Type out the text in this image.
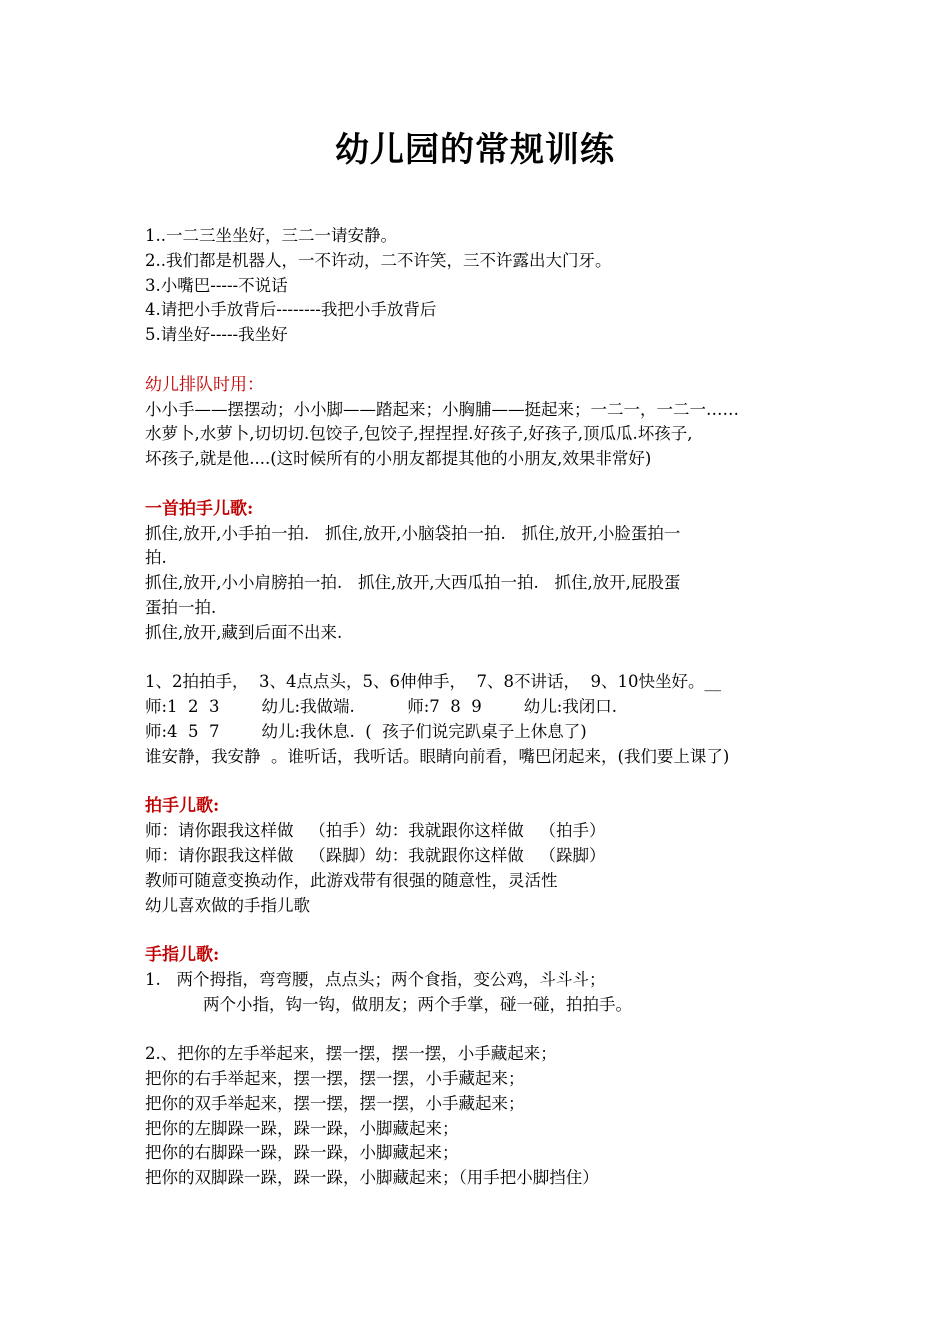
幼儿园的常规训练
1..一二三坐坐好，三二一请安静。
2..我们都是机器人，一不许动，二不许笑，三不许露出大门牙。
3.小嘴巴-----不说话
4.请把小手放背后--------我把小手放背后
5.请坐好-----我坐好
幼儿排队时用：
小小手——摆摆动；小小脚——踏起来；小胸脯——挺起来；一二一，一二一……
水萝卜,水萝卜,切切切.包饺子,包饺子,捏捏捏.好孩子,好孩子,顶瓜瓜.坏孩子,
坏孩子,就是他....(这时候所有的小朋友都提其他的小朋友,效果非常好)
一首拍手儿歌:
抓住,放开,小手拍一拍.   抓住,放开,小脑袋拍一拍.   抓住,放开,小脸蛋拍一
拍.
抓住,放开,小小肩膀拍一拍.   抓住,放开,大西瓜拍一拍.   抓住,放开,屁股蛋
蛋拍一拍.
抓住,放开,藏到后面不出来.
1、2拍拍手，  3、4点点头，5、6伸伸手，  7、8不讲话，  9、10快坐好。__
师:1  2  3        幼儿:我做端.          师:7  8  9        幼儿:我闭口.
师:4  5  7        幼儿:我休息.  (  孩子们说完趴桌子上休息了)
谁安静，我安静  。谁听话，我听话。眼睛向前看，嘴巴闭起来，(我们要上课了)
拍手儿歌:
师：请你跟我这样做   （拍手）幼：我就跟你这样做   （拍手）
师：请你跟我这样做   （跺脚）幼：我就跟你这样做   （跺脚）
教师可随意变换动作，此游戏带有很强的随意性，灵活性
幼儿喜欢做的手指儿歌
手指儿歌:
1.   两个拇指，弯弯腰，点点头；两个食指，变公鸡，斗斗斗；
两个小指，钩一钩，做朋友；两个手掌，碰一碰，拍拍手。
2.、把你的左手举起来，摆一摆，摆一摆，小手藏起来；
把你的右手举起来，摆一摆，摆一摆，小手藏起来；
把你的双手举起来，摆一摆，摆一摆，小手藏起来；
把你的左脚跺一跺，跺一跺，小脚藏起来；
把你的右脚跺一跺，跺一跺，小脚藏起来；
把你的双脚跺一跺，跺一跺，小脚藏起来；（用手把小脚挡住）
